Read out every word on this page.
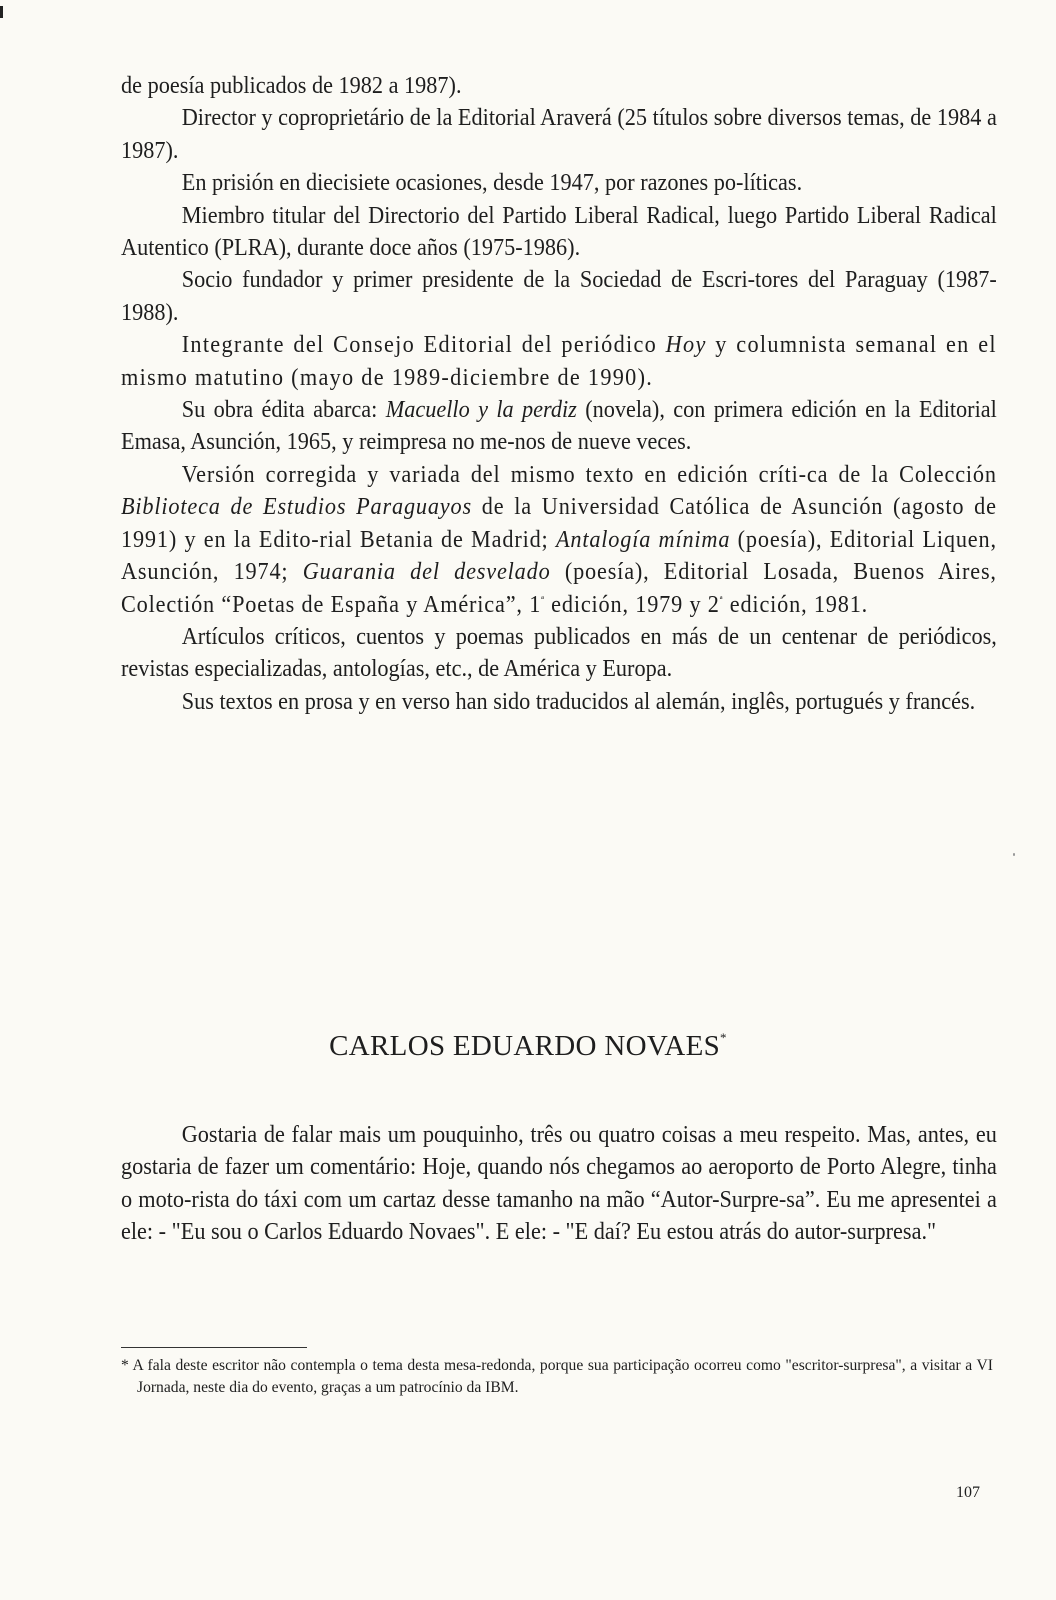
de poesía publicados de 1982 a 1987).

Director y coproprietário de la Editorial Araverá (25 títulos sobre diversos temas, de 1984 a 1987).

En prisión en diecisiete ocasiones, desde 1947, por razones po-líticas.

Miembro titular del Directorio del Partido Liberal Radical, luego Partido Liberal Radical Autentico (PLRA), durante doce años (1975-1986).

Socio fundador y primer presidente de la Sociedad de Escri-tores del Paraguay (1987-1988).

Integrante del Consejo Editorial del periódico Hoy y columnista semanal en el mismo matutino (mayo de 1989-diciembre de 1990).

Su obra édita abarca: Macuello y la perdiz (novela), con primera edición en la Editorial Emasa, Asunción, 1965, y reimpresa no me-nos de nueve veces.

Versión corregida y variada del mismo texto en edición críti-ca de la Colección Biblioteca de Estudios Paraguayos de la Universidad Católica de Asunción (agosto de 1991) y en la Edito-rial Betania de Madrid; Antalogía mínima (poesía), Editorial Liquen, Asunción, 1974; Guarania del desvelado (poesía), Editorial Losada, Buenos Aires, Colectión “Poetas de España y América”, $1^ª$ edición, 1979 y $2^ª$ edición, 1981.

Artículos críticos, cuentos y poemas publicados en más de un centenar de periódicos, revistas especializadas, antologías, etc., de América y Europa.

Sus textos en prosa y en verso han sido traducidos al alemán, inglês, portugués y francés.

CARLOS EDUARDO NOVAES*

Gostaria de falar mais um pouquinho, três ou quatro coisas a meu respeito. Mas, antes, eu gostaria de fazer um comentário: Hoje, quando nós chegamos ao aeroporto de Porto Alegre, tinha o moto-rista do táxi com um cartaz desse tamanho na mão “Autor-Surpre-sa”. Eu me apresentei a ele: - "Eu sou o Carlos Eduardo Novaes". E ele: - "E daí? Eu estou atrás do autor-surpresa."

* A fala deste escritor não contempla o tema desta mesa-redonda, porque sua participação ocorreu como "escritor-surpresa", a visitar a VI Jornada, neste dia do evento, graças a um patrocínio da IBM.
107
